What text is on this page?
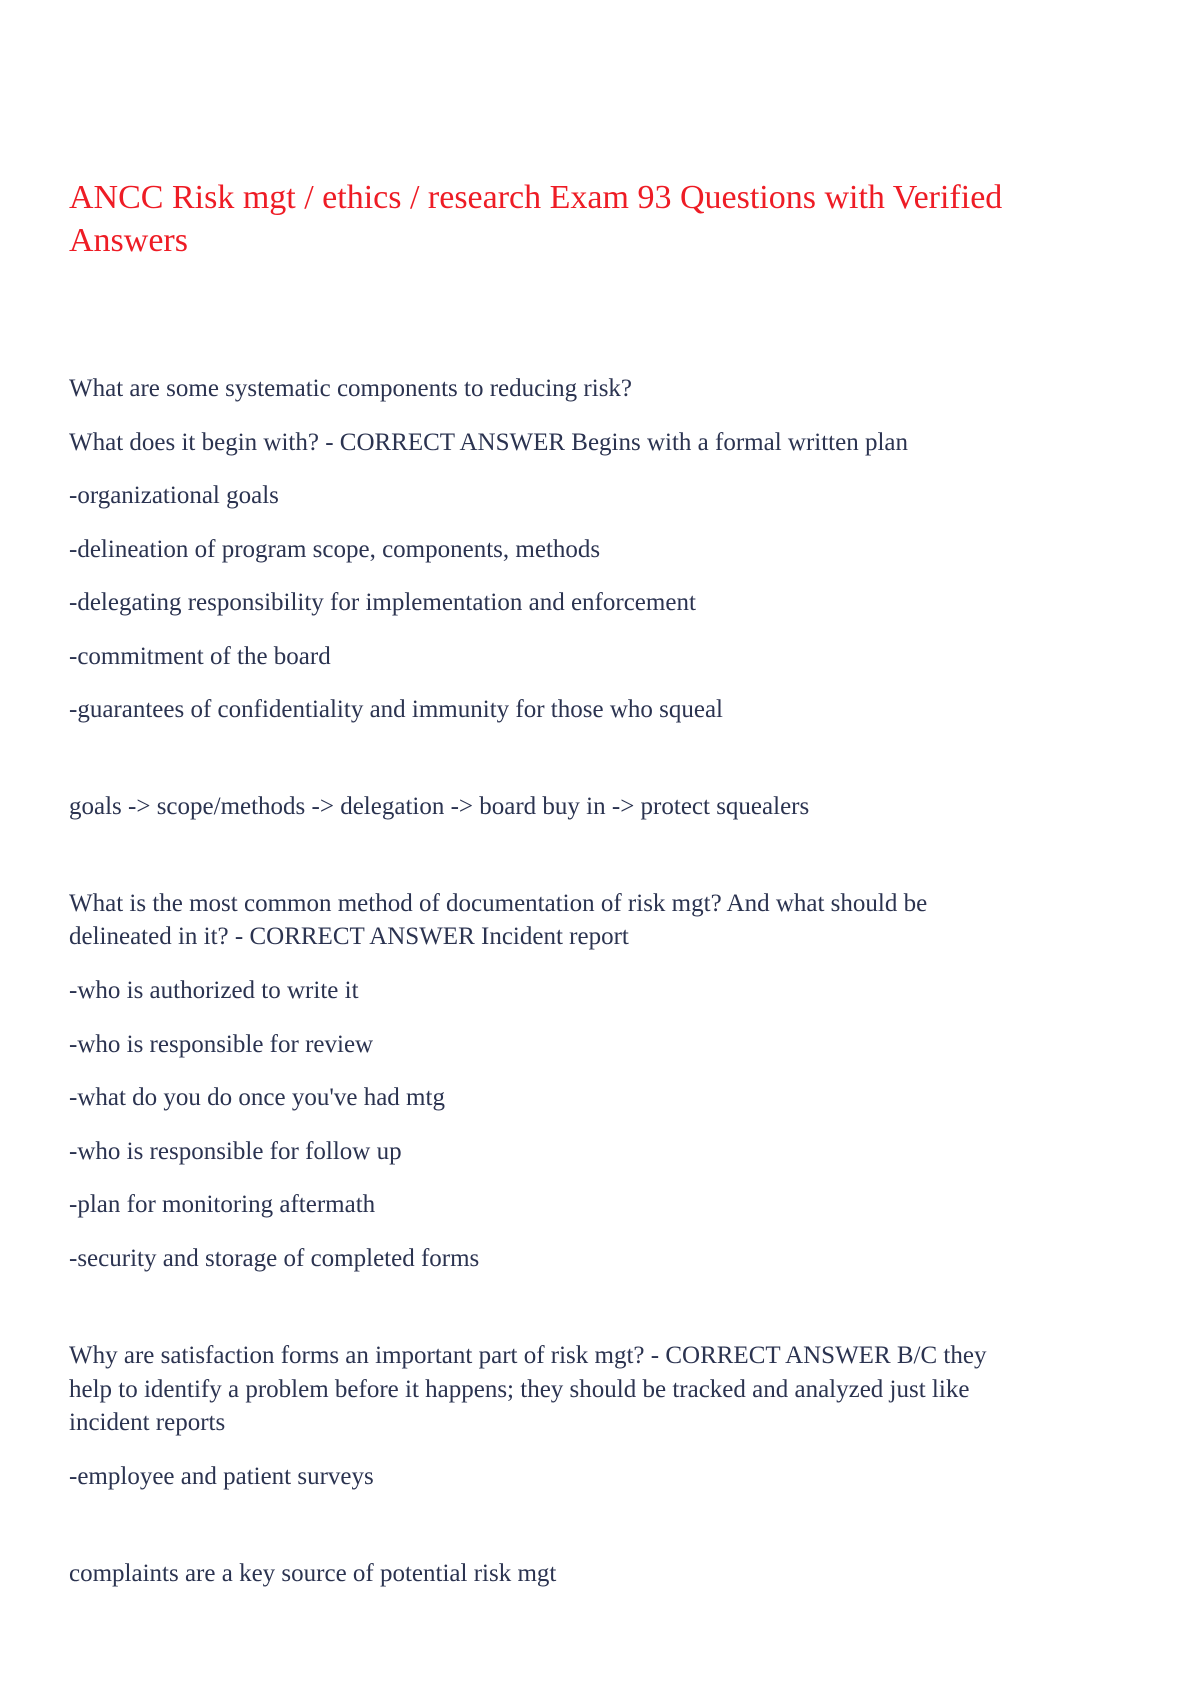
ANCC Risk mgt / ethics / research Exam 93 Questions with Verified Answers

What are some systematic components to reducing risk?

What does it begin with? - CORRECT ANSWER Begins with a formal written plan

-organizational goals

-delineation of program scope, components, methods

-delegating responsibility for implementation and enforcement

-commitment of the board

-guarantees of confidentiality and immunity for those who squeal

goals -> scope/methods -> delegation -> board buy in -> protect squealers

What is the most common method of documentation of risk mgt? And what should be

delineated in it? - CORRECT ANSWER Incident report

-who is authorized to write it

-who is responsible for review

-what do you do once you've had mtg

-who is responsible for follow up

-plan for monitoring aftermath

-security and storage of completed forms

Why are satisfaction forms an important part of risk mgt? - CORRECT ANSWER B/C they

help to identify a problem before it happens; they should be tracked and analyzed just like

incident reports

-employee and patient surveys

complaints are a key source of potential risk mgt
